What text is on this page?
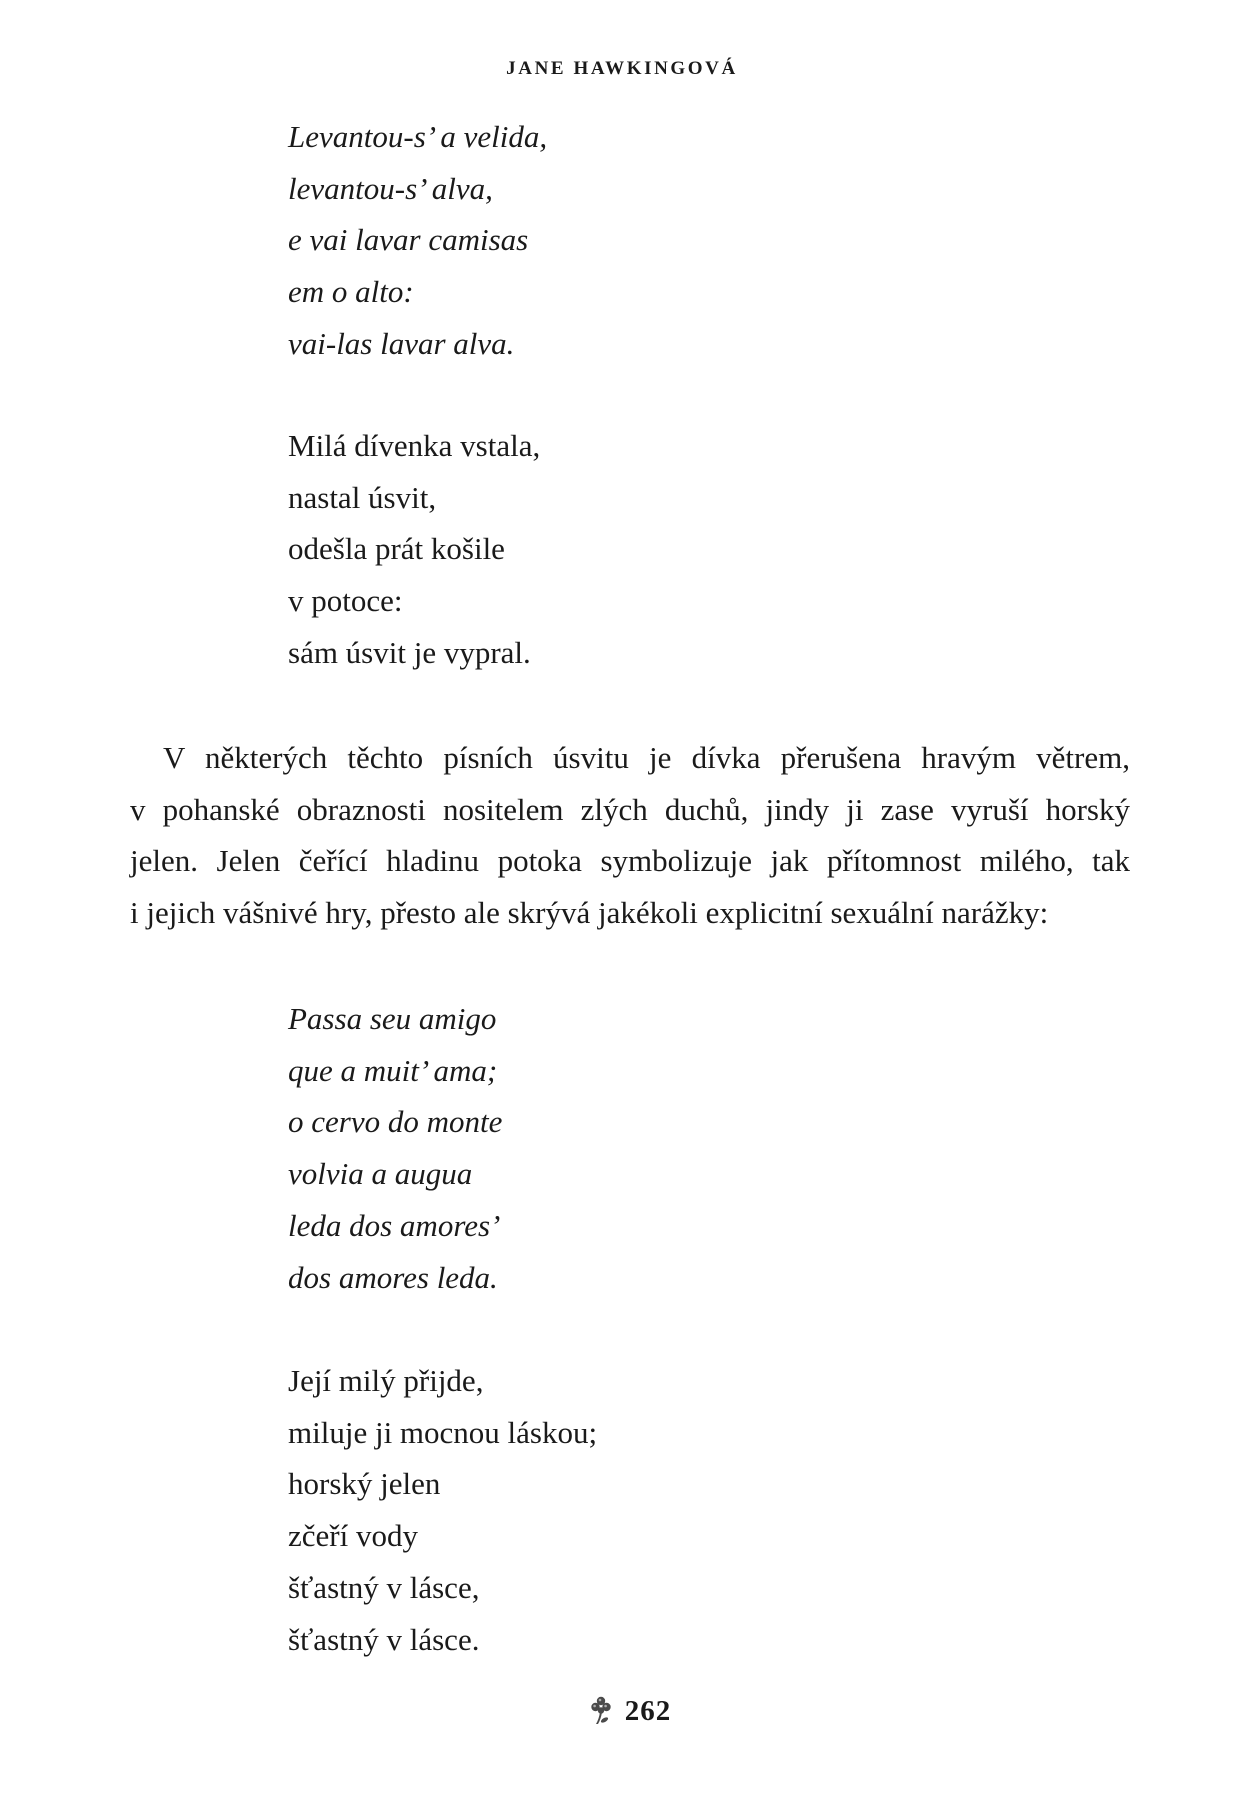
JANE HAWKINGOVÁ
Levantou-s’ a velida,
levantou-s’ alva,
e vai lavar camisas
em o alto:
vai-las lavar alva.
Milá dívenka vstala,
nastal úsvit,
odešla prát košile
v potoce:
sám úsvit je vypral.
V některých těchto písních úsvitu je dívka přerušena hravým větrem,
v pohanské obraznosti nositelem zlých duchů, jindy ji zase vyruší horský
jelen. Jelen čeřící hladinu potoka symbolizuje jak přítomnost milého, tak
i jejich vášnivé hry, přesto ale skrývá jakékoli explicitní sexuální narážky:
Passa seu amigo
que a muit’ ama;
o cervo do monte
volvia a augua
leda dos amores’
dos amores leda.
Její milý přijde,
miluje ji mocnou láskou;
horský jelen
zčeří vody
šťastný v lásce,
šťastný v lásce.
262
